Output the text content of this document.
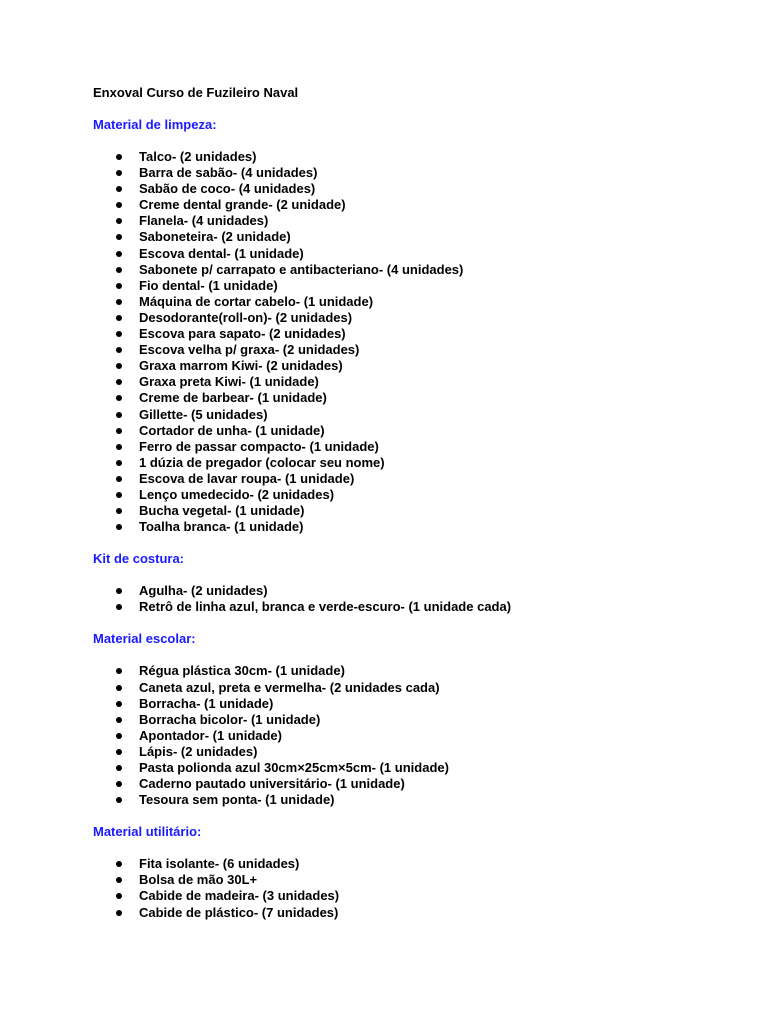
Enxoval Curso de Fuzileiro Naval

Material de limpeza:

Talco- (2 unidades)
Barra de sabão- (4 unidades)
Sabão de coco- (4 unidades)
Creme dental grande- (2 unidade)
Flanela- (4 unidades)
Saboneteira- (2 unidade)
Escova dental- (1 unidade)
Sabonete p/ carrapato e antibacteriano- (4 unidades)
Fio dental- (1 unidade)
Máquina de cortar cabelo- (1 unidade)
Desodorante(roll-on)- (2 unidades)
Escova para sapato- (2 unidades)
Escova velha p/ graxa- (2 unidades)
Graxa marrom Kiwi- (2 unidades)
Graxa preta Kiwi- (1 unidade)
Creme de barbear- (1 unidade)
Gillette- (5 unidades)
Cortador de unha- (1 unidade)
Ferro de passar compacto- (1 unidade)
1 dúzia de pregador (colocar seu nome)
Escova de lavar roupa- (1 unidade)
Lenço umedecido- (2 unidades)
Bucha vegetal- (1 unidade)
Toalha branca- (1 unidade)

Kit de costura:

Agulha- (2 unidades)
Retrô de linha azul, branca e verde-escuro- (1 unidade cada)

Material escolar:

Régua plástica 30cm- (1 unidade)
Caneta azul, preta e vermelha- (2 unidades cada)
Borracha- (1 unidade)
Borracha bicolor- (1 unidade)
Apontador- (1 unidade)
Lápis- (2 unidades)
Pasta polionda azul 30cm×25cm×5cm- (1 unidade)
Caderno pautado universitário- (1 unidade)
Tesoura sem ponta- (1 unidade)

Material utilitário:

Fita isolante- (6 unidades)
Bolsa de mão 30L+
Cabide de madeira- (3 unidades)
Cabide de plástico- (7 unidades)
